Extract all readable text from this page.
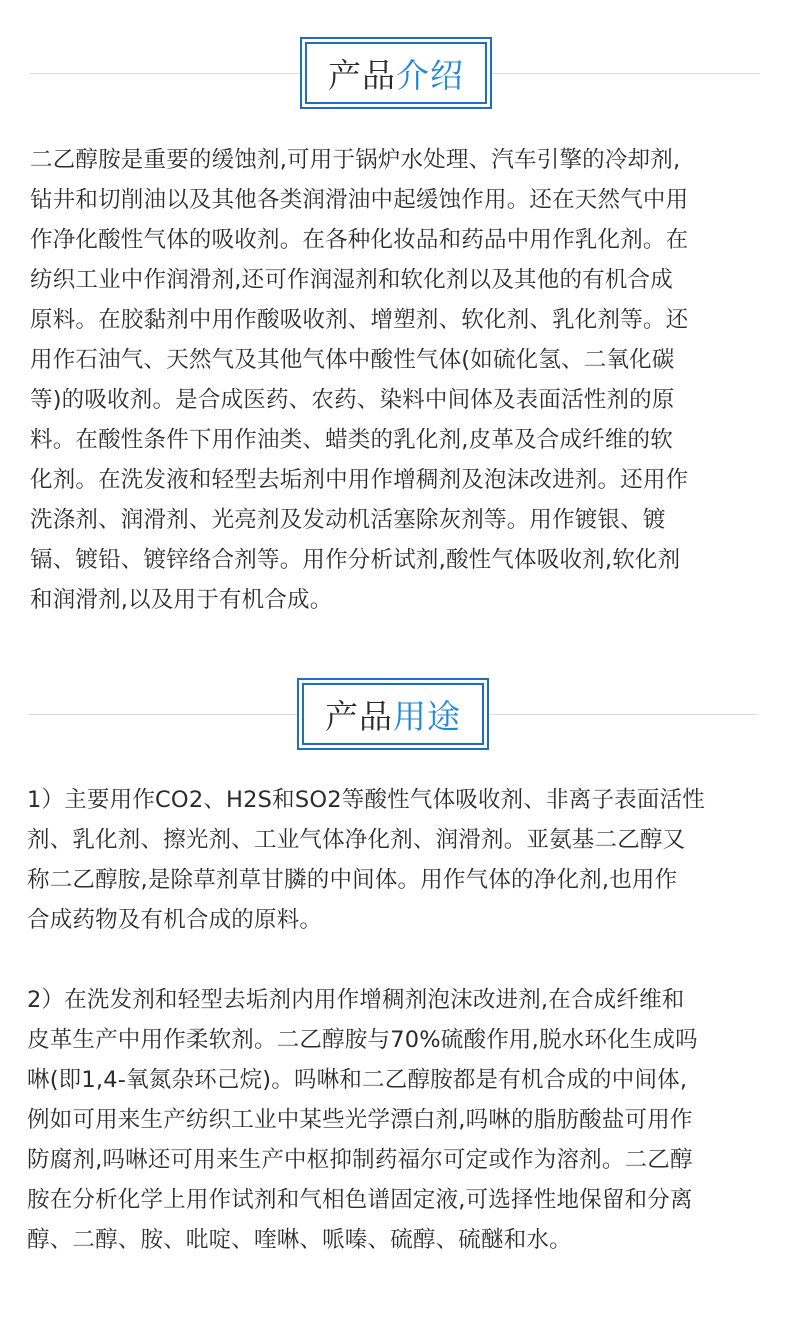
产品 介绍
二乙醇胺是重要的缓蚀剂,可用于锅炉水处理、汽车引擎的冷却剂,
钻井和切削油以及其他各类润滑油中起缓蚀作用。还在天然气中用
作净化酸性气体的吸收剂。在各种化妆品和药品中用作乳化剂。在
纺织工业中作润滑剂,还可作润湿剂和软化剂以及其他的有机合成
原料。在胶黏剂中用作酸吸收剂、增塑剂、软化剂、乳化剂等。还
用作石油气、天然气及其他气体中酸性气体(如硫化氢、二氧化碳
等)的吸收剂。是合成医药、农药、染料中间体及表面活性剂的原
料。在酸性条件下用作油类、蜡类的乳化剂,皮革及合成纤维的软
化剂。在洗发液和轻型去垢剂中用作增稠剂及泡沫改进剂。还用作
洗涤剂、润滑剂、光亮剂及发动机活塞除灰剂等。用作镀银、镀
镉、镀铅、镀锌络合剂等。用作分析试剂,酸性气体吸收剂,软化剂
和润滑剂,以及用于有机合成。
产品 用途
1）主要用作CO2、H2S和SO2等酸性气体吸收剂、非离子表面活性
剂、乳化剂、擦光剂、工业气体净化剂、润滑剂。亚氨基二乙醇又
称二乙醇胺,是除草剂草甘膦的中间体。用作气体的净化剂,也用作
合成药物及有机合成的原料。
2）在洗发剂和轻型去垢剂内用作增稠剂泡沫改进剂,在合成纤维和
皮革生产中用作柔软剂。二乙醇胺与70%硫酸作用,脱水环化生成吗
啉(即1,4-氧氮杂环己烷)。吗啉和二乙醇胺都是有机合成的中间体,
例如可用来生产纺织工业中某些光学漂白剂,吗啉的脂肪酸盐可用作
防腐剂,吗啉还可用来生产中枢抑制药福尔可定或作为溶剂。二乙醇
胺在分析化学上用作试剂和气相色谱固定液,可选择性地保留和分离
醇、二醇、胺、吡啶、喹啉、哌嗪、硫醇、硫醚和水。
